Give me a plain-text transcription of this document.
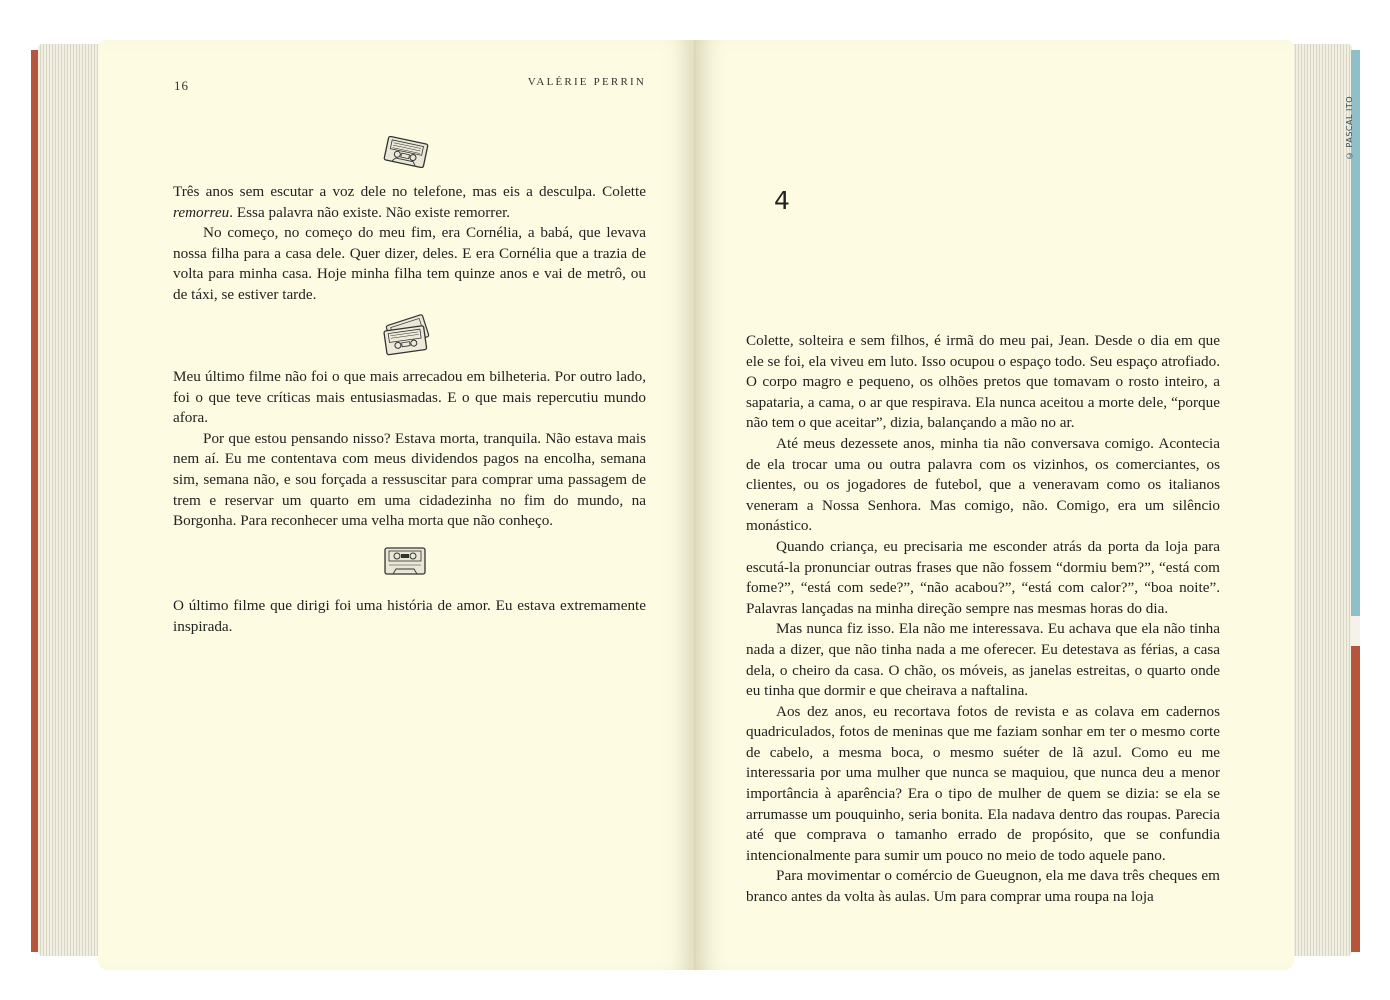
© PASCAL ITO
16	VALÉRIE PERRIN

Três anos sem escutar a voz dele no telefone, mas eis a desculpa. Colette remorreu. Essa palavra não existe. Não existe remorrer.

No começo, no começo do meu fim, era Cornélia, a babá, que levava nossa filha para a casa dele. Quer dizer, deles. E era Cornélia que a trazia de volta para minha casa. Hoje minha filha tem quinze anos e vai de metrô, ou de táxi, se estiver tarde.

Meu último filme não foi o que mais arrecadou em bilheteria. Por outro lado, foi o que teve críticas mais entusiasmadas. E o que mais repercutiu mundo afora.

Por que estou pensando nisso? Estava morta, tranquila. Não estava mais nem aí. Eu me contentava com meus dividendos pagos na encolha, semana sim, semana não, e sou forçada a ressuscitar para comprar uma passagem de trem e reservar um quarto em uma cidadezinha no fim do mundo, na Borgonha. Para reconhecer uma velha morta que não conheço.

O último filme que dirigi foi uma história de amor. Eu estava extremamente inspirada.

4

Colette, solteira e sem filhos, é irmã do meu pai, Jean. Desde o dia em que ele se foi, ela viveu em luto. Isso ocupou o espaço todo. Seu espaço atrofiado. O corpo magro e pequeno, os olhões pretos que tomavam o rosto inteiro, a sapataria, a cama, o ar que respirava. Ela nunca aceitou a morte dele, “porque não tem o que aceitar”, dizia, balançando a mão no ar.

Até meus dezessete anos, minha tia não conversava comigo. Acontecia de ela trocar uma ou outra palavra com os vizinhos, os comerciantes, os clientes, ou os jogadores de futebol, que a veneravam como os italianos veneram a Nossa Senhora. Mas comigo, não. Comigo, era um silêncio monástico.

Quando criança, eu precisaria me esconder atrás da porta da loja para escutá-la pronunciar outras frases que não fossem “dormiu bem?”, “está com fome?”, “está com sede?”, “não acabou?”, “está com calor?”, “boa noite”. Palavras lançadas na minha direção sempre nas mesmas horas do dia.

Mas nunca fiz isso. Ela não me interessava. Eu achava que ela não tinha nada a dizer, que não tinha nada a me oferecer. Eu detestava as férias, a casa dela, o cheiro da casa. O chão, os móveis, as janelas estreitas, o quarto onde eu tinha que dormir e que cheirava a naftalina.

Aos dez anos, eu recortava fotos de revista e as colava em cadernos quadriculados, fotos de meninas que me faziam sonhar em ter o mesmo corte de cabelo, a mesma boca, o mesmo suéter de lã azul. Como eu me interessaria por uma mulher que nunca se maquiou, que nunca deu a menor importância à aparência? Era o tipo de mulher de quem se dizia: se ela se arrumasse um pouquinho, seria bonita. Ela nadava dentro das roupas. Parecia até que comprava o tamanho errado de propósito, que se confundia intencionalmente para sumir um pouco no meio de todo aquele pano.

Para movimentar o comércio de Gueugnon, ela me dava três cheques em branco antes da volta às aulas. Um para comprar uma roupa na loja
